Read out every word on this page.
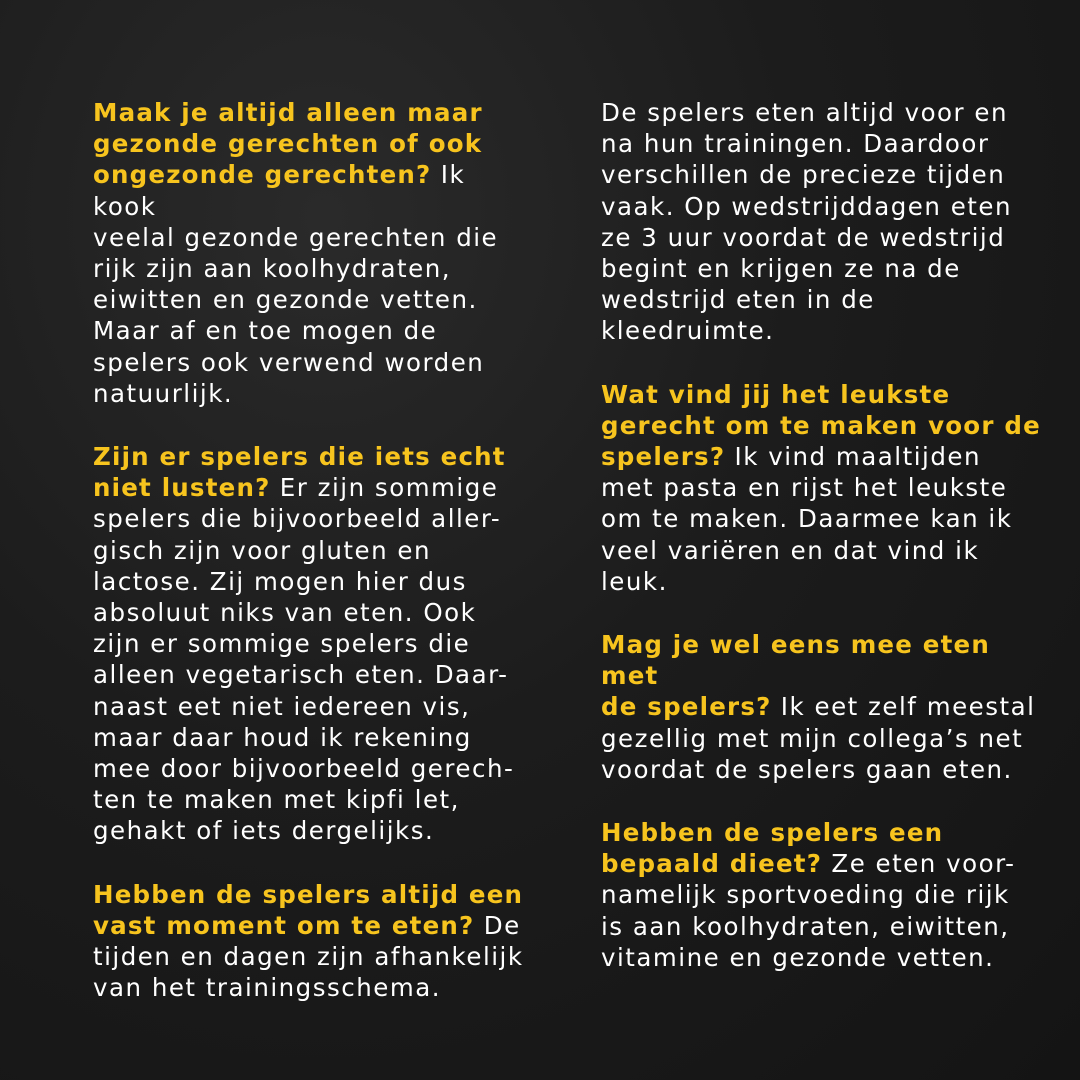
Maak je altijd alleen maar
gezonde gerechten of ook
ongezonde gerechten? Ik kook
veelal gezonde gerechten die
rijk zijn aan koolhydraten,
eiwitten en gezonde vetten.
Maar af en toe mogen de
spelers ook verwend worden
natuurlijk.

Zijn er spelers die iets echt
niet lusten? Er zijn sommige
spelers die bijvoorbeeld aller-
gisch zijn voor gluten en
lactose. Zij mogen hier dus
absoluut niks van eten. Ook
zijn er sommige spelers die
alleen vegetarisch eten. Daar-
naast eet niet iedereen vis,
maar daar houd ik rekening
mee door bijvoorbeeld gerech-
ten te maken met kipfi let,
gehakt of iets dergelijks.

Hebben de spelers altijd een
vast moment om te eten? De
tijden en dagen zijn afhankelijk
van het trainingsschema.

De spelers eten altijd voor en
na hun trainingen. Daardoor
verschillen de precieze tijden
vaak. Op wedstrijddagen eten
ze 3 uur voordat de wedstrijd
begint en krijgen ze na de
wedstrijd eten in de
kleedruimte.

Wat vind jij het leukste
gerecht om te maken voor de
spelers? Ik vind maaltijden
met pasta en rijst het leukste
om te maken. Daarmee kan ik
veel variëren en dat vind ik
leuk.

Mag je wel eens mee eten met
de spelers? Ik eet zelf meestal
gezellig met mijn collega’s net
voordat de spelers gaan eten.

Hebben de spelers een
bepaald dieet? Ze eten voor-
namelijk sportvoeding die rijk
is aan koolhydraten, eiwitten,
vitamine en gezonde vetten.
